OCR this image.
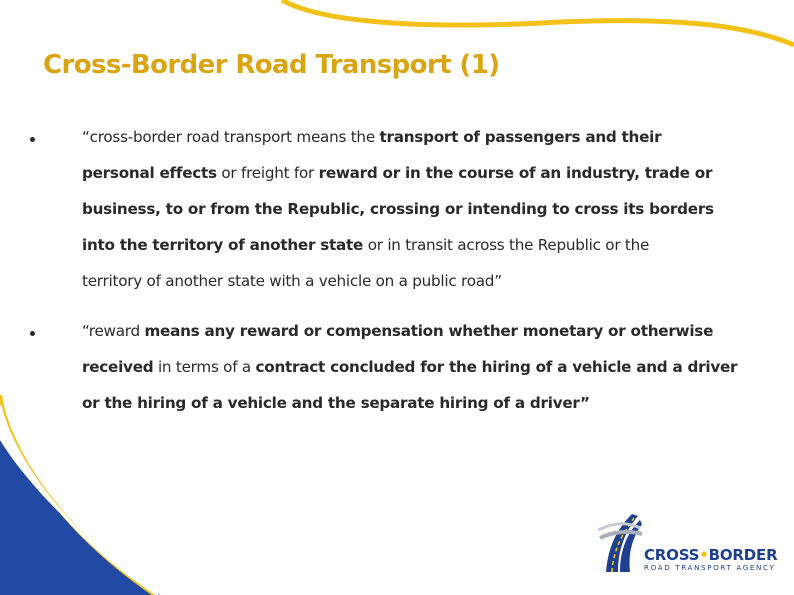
Cross-Border Road Transport (1)
“cross-border road transport means the transport of passengers and their
personal effects or freight for reward or in the course of an industry, trade or
business, to or from the Republic, crossing or intending to cross its borders
into the territory of another state or in transit across the Republic or the
territory of another state with a vehicle on a public road”
“reward means any reward or compensation whether monetary or otherwise
received in terms of a contract concluded for the hiring of a vehicle and a driver
or the hiring of a vehicle and the separate hiring of a driver”
CROSS•BORDER
ROAD TRANSPORT AGENCY
